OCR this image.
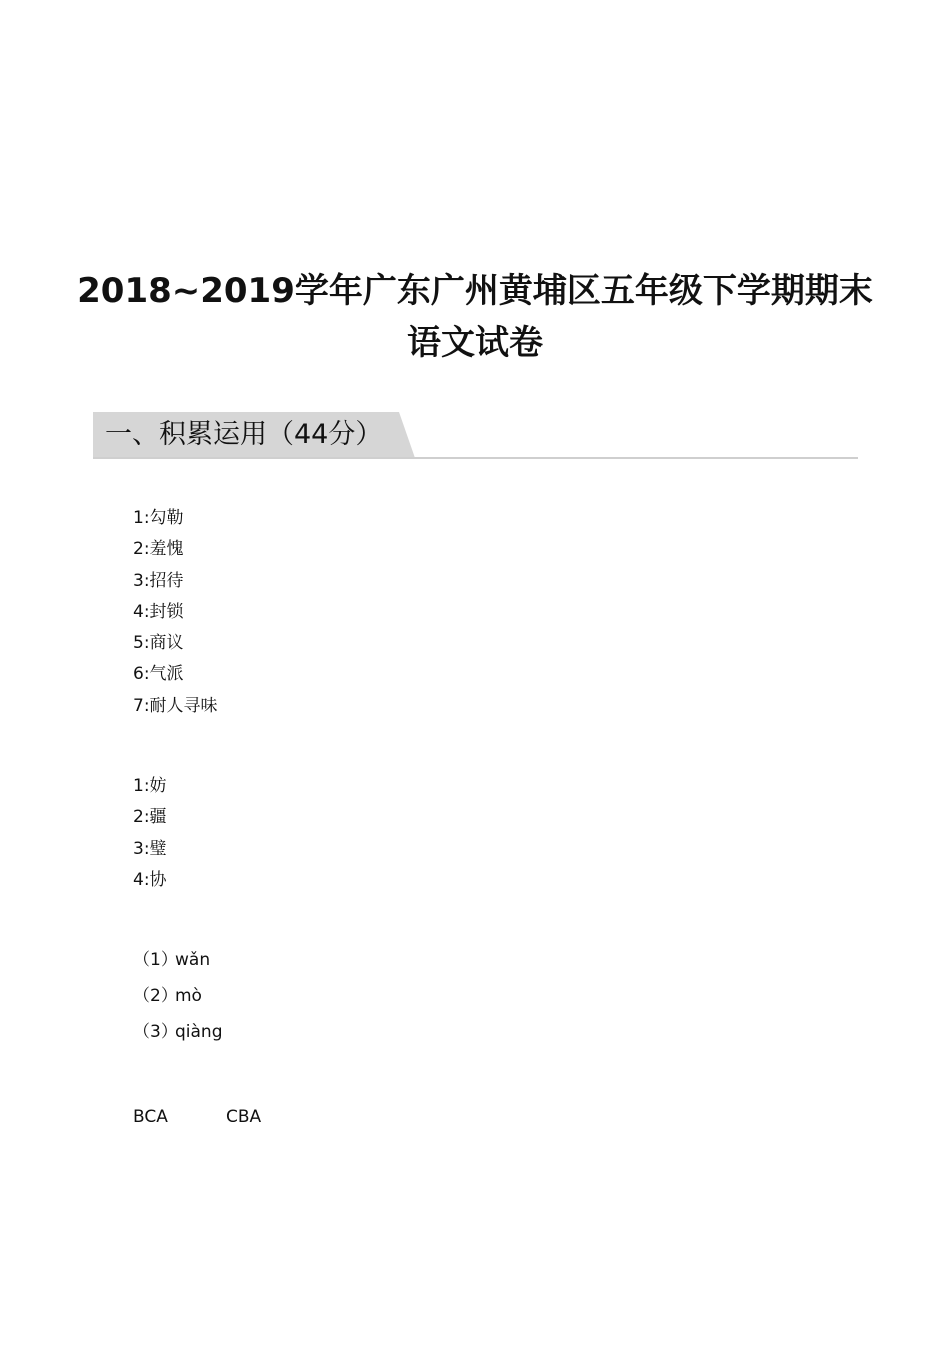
2018~2019学年广东广州黄埔区五年级下学期期末
语文试卷
一、积累运用（44分）
1:勾勒
2:羞愧
3:招待
4:封锁
5:商议
6:气派
7:耐人寻味
1:妨
2:疆
3:璧
4:协
（1）wǎn
（2）mò
（3）qiàng
BCA	CBA
